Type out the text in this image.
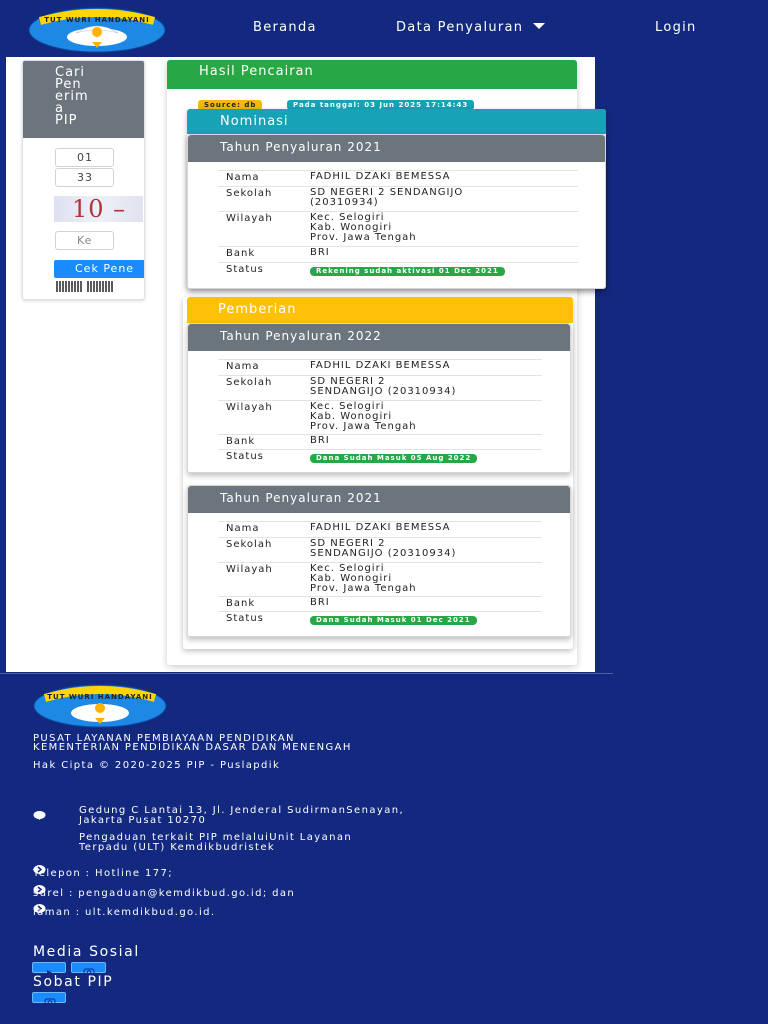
TUT WURI HANDAYANI	Beranda	Data Penyaluran	Login
Cari
Pen
erim
a
PIP
01
33
10 –
Ke
Cek Pene
Hasil Pencairan
Source: db	Pada tanggal: 03 Jun 2025 17:14:43
Nominasi
Tahun Penyaluran 2021
Nama	FADHIL DZAKI BEMESSA
Sekolah	SD NEGERI 2 SENDANGIJO
(20310934)
Wilayah	Kec. Selogiri
Kab. Wonogiri
Prov. Jawa Tengah
Bank	BRI
Status	Rekening sudah aktivasi 01 Dec 2021
Pemberian
Tahun Penyaluran 2022
Nama	FADHIL DZAKI BEMESSA
Sekolah	SD NEGERI 2
SENDANGIJO (20310934)
Wilayah	Kec. Selogiri
Kab. Wonogiri
Prov. Jawa Tengah
Bank	BRI
Status	Dana Sudah Masuk 05 Aug 2022
Tahun Penyaluran 2021
Nama	FADHIL DZAKI BEMESSA
Sekolah	SD NEGERI 2
SENDANGIJO (20310934)
Wilayah	Kec. Selogiri
Kab. Wonogiri
Prov. Jawa Tengah
Bank	BRI
Status	Dana Sudah Masuk 01 Dec 2021
TUT WURI HANDAYANI
PUSAT LAYANAN PEMBIAYAAN PENDIDIKAN
KEMENTERIAN PENDIDIKAN DASAR DAN MENENGAH
Hak Cipta © 2020-2025 PIP - Puslapdik
Gedung C Lantai 13, Jl. Jenderal SudirmanSenayan,
Jakarta Pusat 10270
Pengaduan terkait PIP melaluiUnit Layanan
Terpadu (ULT) Kemdikbudristek
Telepon : Hotline 177;
surel : pengaduan@kemdikbud.go.id; dan
laman : ult.kemdikbud.go.id.
Media Sosial
Sobat PIP
